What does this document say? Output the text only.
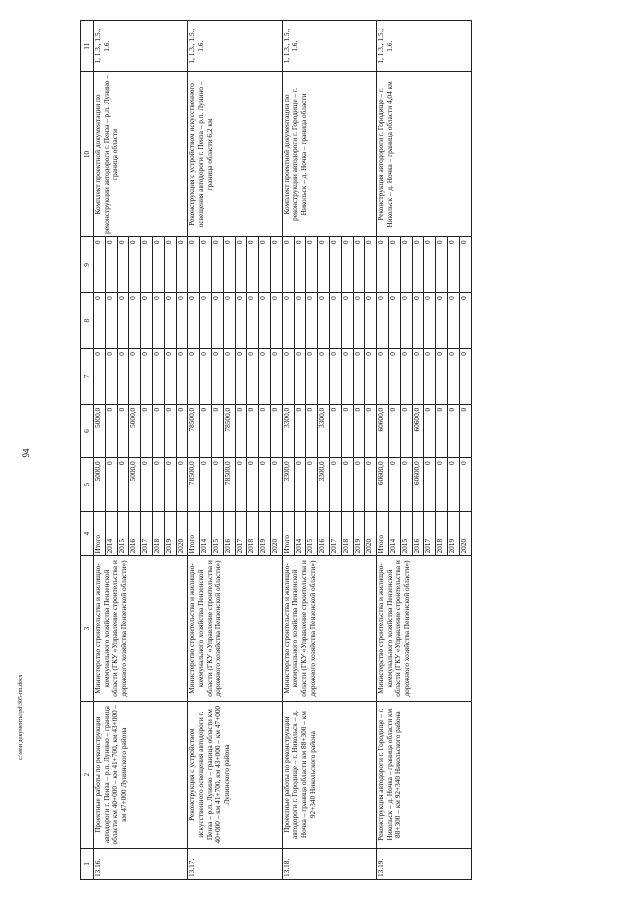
94
1	2	3	4	5	6	7	8	9	10	11
13.16.	Проектные работы по реконструкции автодороги г. Пенза – р.п. Лунино – граница области км 40+000 – км 41+700, км 43+000 – км 47+000 Лунинского района	Министерство строительства и жилищно-коммунального хозяйства Пензенской области (ГКУ «Управление строительства и дорожного хозяйства Пензенской области»)	Итого	5000,0	5000,0	0	0	0	Комплект проектной документации по реконструкции автодороги г. Пенза – р.п. Лунино – граница области	1, 1.3., 1.5., 1.6.
			2014	0	0	0	0	0		
			2015	0	0	0	0	0		
			2016	5000,0	5000,0	0	0	0		
			2017	0	0	0	0	0		
			2018	0	0	0	0	0		
			2019	0	0	0	0	0		
			2020	0	0	0	0	0		
13.17.	Реконструкция с устройством искусственного освещения автодороги г. Пенза – р.п. Лунино – граница области км 40+000 – км 41+700, км 43+000 – км 47+000 Лунинского района	Министерство строительства и жилищно-коммунального хозяйства Пензенской области (ГКУ «Управление строительства и дорожного хозяйства Пензенской области»)	Итого	78500,0	78500,0	0	0	0	Реконструкция с устройством искусственного освещения автодороги г. Пенза – р.п. Лунино – граница области 6,2 км	1, 1.3., 1.5., 1.6.
			2014	0	0	0	0	0		
			2015	0	0	0	0	0		
			2016	78500,0	78500,0	0	0	0		
			2017	0	0	0	0	0		
			2018	0	0	0	0	0		
			2019	0	0	0	0	0		
			2020	0	0	0	0	0		
13.18.	Проектные работы по реконструкции автодороги г. Городище – г. Никольск – д. Ночка – граница области км 88+300 – км 92+340 Никольского района	Министерство строительства и жилищно-коммунального хозяйства Пензенской области (ГКУ «Управление строительства и дорожного хозяйства Пензенской области»)	Итого	3300,0	3300,0	0	0	0	Комплект проектной документации по реконструкции автодороги г. Городище – г. Никольск – д. Ночка – граница области	1, 1.3., 1.5., 1.6.
			2014	0	0	0	0	0		
			2015	0	0	0	0	0		
			2016	3300,0	3300,0	0	0	0		
			2017	0	0	0	0	0		
			2018	0	0	0	0	0		
			2019	0	0	0	0	0		
			2020	0	0	0	0	0		
13.19.	Реконструкция автодороги г. Городище – г. Никольск – д. Ночка – граница области км 88+300 – км 92+340 Никольского района	Министерство строительства и жилищно-коммунального хозяйства Пензенской области (ГКУ «Управление строительства и дорожного хозяйства Пензенской области»)	Итого	60600,0	60600,0	0	0	0	Реконструкция автодороги г. Городище – г. Никольск – д. Ночка – граница области 4,04 км	1, 1.3., 1.5., 1.6.
			2014	0	0	0	0	0		
			2015	0	0	0	0	0		
			2016	60600,0	60600,0	0	0	0		
			2017	0	0	0	0	0		
			2018	0	0	0	0	0		
			2019	0	0	0	0	0		
			2020	0	0	0	0	0		
с:\мои документы\pd\305-пп.docx
